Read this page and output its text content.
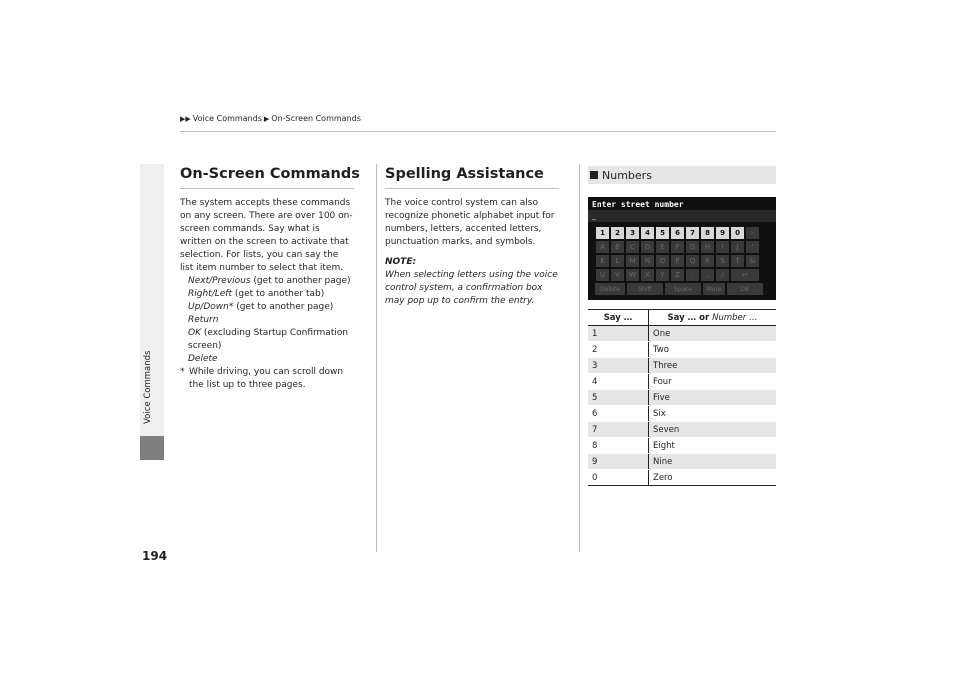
▶▶ Voice Commands ▶ On-Screen Commands
Voice Commands
194
On-Screen Commands
The system accepts these commands on any screen. There are over 100 on-screen commands. Say what is written on the screen to activate that selection. For lists, you can say the list item number to select that item.
Next/Previous (get to another page)
Right/Left (get to another tab)
Up/Down* (get to another page)
Return
OK (excluding Startup Confirmation screen)
Delete
* While driving, you can scroll down the list up to three pages.
Spelling Assistance
The voice control system can also recognize phonetic alphabet input for numbers, letters, accented letters, punctuation marks, and symbols.
NOTE:
When selecting letters using the voice control system, a confirmation box may pop up to confirm the entry.
Numbers
Enter street number
_
1	2	3	4	5	6	7	8	9	0	-
A	B	C	D	E	F	G	H	I	J	'
K	L	M	N	O	P	Q	R	S	T	&
U	V	W	X	Y	Z	.	,	/	↵
Delete	Shift	Space	More	OK
Say …	Say … or Number …
1	One
2	Two
3	Three
4	Four
5	Five
6	Six
7	Seven
8	Eight
9	Nine
0	Zero
